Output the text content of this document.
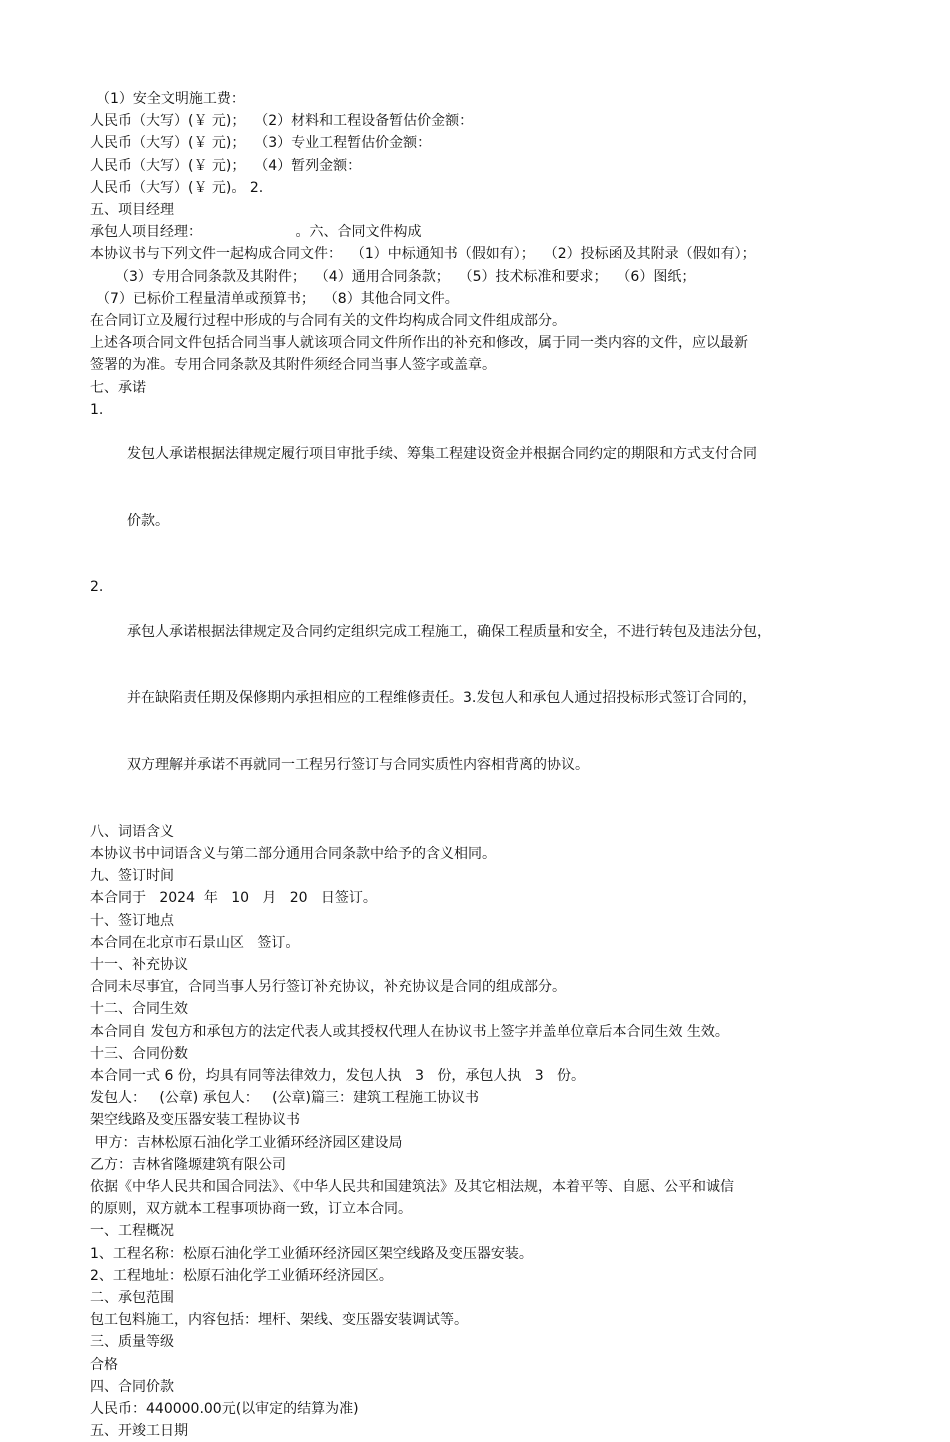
（1）安全文明施工费：
人民币（大写）(￥ 元)；  （2）材料和工程设备暂估价金额：
人民币（大写）(￥ 元)；  （3）专业工程暂估价金额：
人民币（大写）(￥ 元)；  （4）暂列金额：
人民币（大写）(￥ 元)。 2.
五、项目经理
承包人项目经理：                     。六、合同文件构成
本协议书与下列文件一起构成合同文件：  （1）中标通知书（假如有）；  （2）投标函及其附录（假如有）；
（3）专用合同条款及其附件；  （4）通用合同条款；  （5）技术标准和要求；  （6）图纸；
（7）已标价工程量清单或预算书；  （8）其他合同文件。
在合同订立及履行过程中形成的与合同有关的文件均构成合同文件组成部分。
上述各项合同文件包括合同当事人就该项合同文件所作出的补充和修改，属于同一类内容的文件，应以最新
签署的为准。专用合同条款及其附件须经合同当事人签字或盖章。
七、承诺
1.

发包人承诺根据法律规定履行项目审批手续、筹集工程建设资金并根据合同约定的期限和方式支付合同

价款。

2.

承包人承诺根据法律规定及合同约定组织完成工程施工，确保工程质量和安全，不进行转包及违法分包，

并在缺陷责任期及保修期内承担相应的工程维修责任。3.发包人和承包人通过招投标形式签订合同的，

双方理解并承诺不再就同一工程另行签订与合同实质性内容相背离的协议。

八、词语含义
本协议书中词语含义与第二部分通用合同条款中给予的含义相同。
九、签订时间
本合同于   2024  年   10   月   20   日签订。
十、签订地点
本合同在北京市石景山区   签订。
十一、补充协议
合同未尽事宜，合同当事人另行签订补充协议，补充协议是合同的组成部分。
十二、合同生效
本合同自 发包方和承包方的法定代表人或其授权代理人在协议书上签字并盖单位章后本合同生效 生效。
十三、合同份数
本合同一式 6 份，均具有同等法律效力，发包人执   3   份，承包人执   3   份。
发包人：   (公章) 承包人：   (公章)篇三：建筑工程施工协议书
架空线路及变压器安装工程协议书
甲方：吉林松原石油化学工业循环经济园区建设局
乙方：吉林省隆塬建筑有限公司
依据《中华人民共和国合同法》、《中华人民共和国建筑法》及其它相法规，本着平等、自愿、公平和诚信
的原则，双方就本工程事项协商一致，订立本合同。
一、工程概况
1、工程名称：松原石油化学工业循环经济园区架空线路及变压器安装。
2、工程地址：松原石油化学工业循环经济园区。
二、承包范围
包工包料施工，内容包括：埋杆、架线、变压器安装调试等。
三、质量等级
合格
四、合同价款
人民币：440000.00元(以审定的结算为准)
五、开竣工日期
